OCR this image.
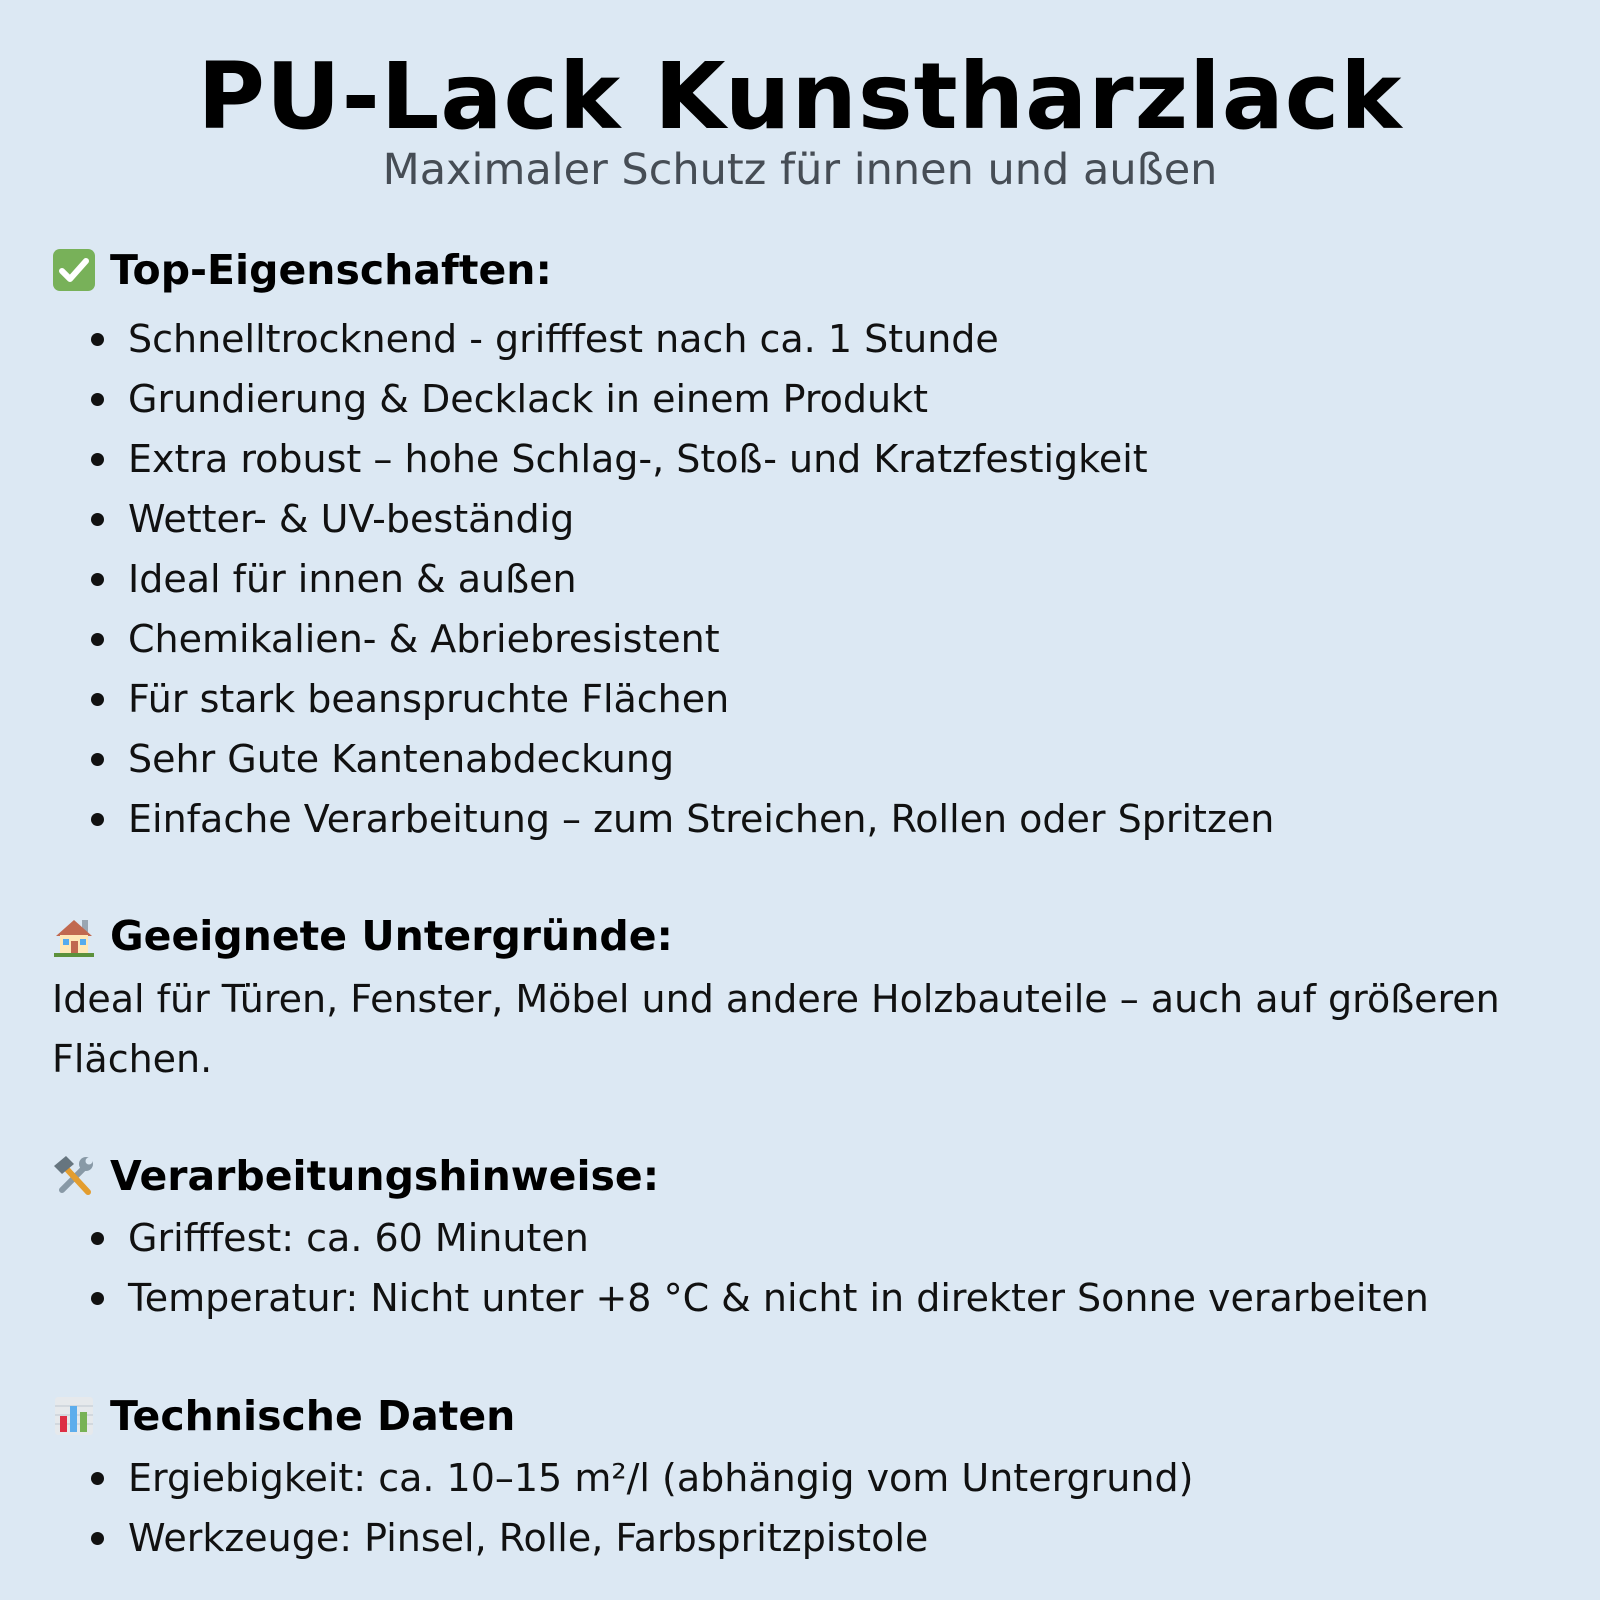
PU-Lack Kunstharzlack
Maximaler Schutz für innen und außen
Top-Eigenschaften:
Schnelltrocknend - grifffest nach ca. 1 Stunde
Grundierung & Decklack in einem Produkt
Extra robust – hohe Schlag-, Stoß- und Kratzfestigkeit
Wetter- & UV-beständig
Ideal für innen & außen
Chemikalien- & Abriebresistent
Für stark beanspruchte Flächen
Sehr Gute Kantenabdeckung
Einfache Verarbeitung – zum Streichen, Rollen oder Spritzen
Geeignete Untergründe:
Ideal für Türen, Fenster, Möbel und andere Holzbauteile – auch auf größeren Flächen.
Verarbeitungshinweise:
Grifffest: ca. 60 Minuten
Temperatur: Nicht unter +8 °C & nicht in direkter Sonne verarbeiten
Technische Daten
Ergiebigkeit: ca. 10–15 m²/l (abhängig vom Untergrund)
Werkzeuge: Pinsel, Rolle, Farbspritzpistole
